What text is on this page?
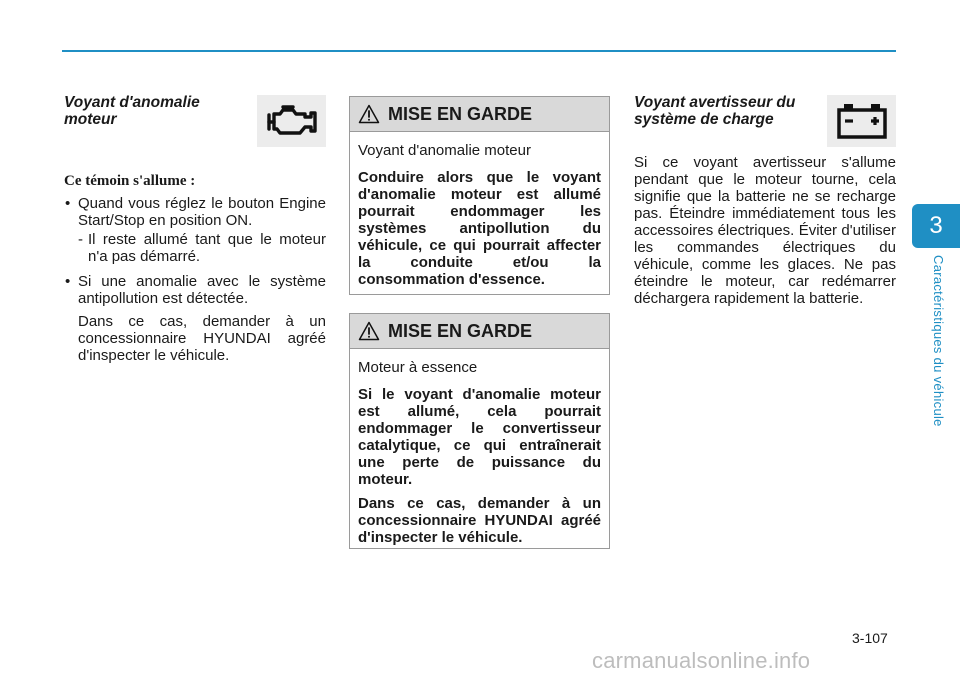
3
Caractéristiques du véhicule

Voyant d'anomalie moteur

Ce témoin s'allume :

• Quand vous réglez le bouton Engine Start/Stop en position ON.

- Il reste allumé tant que le moteur n'a pas démarré.

• Si une anomalie avec le système antipollution est détectée.

Dans ce cas, demander à un concessionnaire HYUNDAI agréé d'inspecter le véhicule.

MISE EN GARDE

Voyant d'anomalie moteur

Conduire alors que le voyant d'anomalie moteur est allumé pourrait endommager les systèmes antipollution du véhicule, ce qui pourrait affecter la conduite et/ou la consommation d'essence.

MISE EN GARDE

Moteur à essence

Si le voyant d'anomalie moteur est allumé, cela pourrait endommager le convertisseur catalytique, ce qui entraînerait une perte de puissance du moteur.

Dans ce cas, demander à un concessionnaire HYUNDAI agréé d'inspecter le véhicule.

Voyant avertisseur du système de charge

Si ce voyant avertisseur s'allume pendant que le moteur tourne, cela signifie que la batterie ne se recharge pas. Éteindre immédiatement tous les accessoires électriques. Éviter d'utiliser les commandes électriques du véhicule, comme les glaces. Ne pas éteindre le moteur, car redémarrer déchargera rapidement la batterie.

3-107
carmanualsonline.info
